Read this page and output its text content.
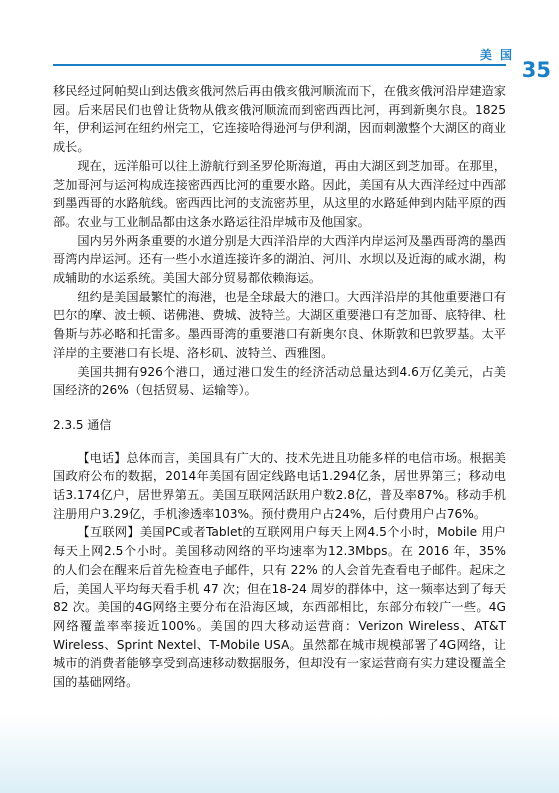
美 国
35

移民经过阿帕契山到达俄亥俄河然后再由俄亥俄河顺流而下，在俄亥俄河沿岸建造家园。后来居民们也曾让货物从俄亥俄河顺流而到密西西比河，再到新奥尔良。1825年，伊利运河在纽约州完工，它连接哈得逊河与伊利湖，因而刺激整个大湖区的商业成长。

现在，远洋船可以往上游航行到圣罗伦斯海道，再由大湖区到芝加哥。在那里，芝加哥河与运河构成连接密西西比河的重要水路。因此，美国有从大西洋经过中西部到墨西哥的水路航线。密西西比河的支流密苏里，从这里的水路延伸到内陆平原的西部。农业与工业制品都由这条水路运往沿岸城市及他国家。

国内另外两条重要的水道分别是大西洋沿岸的大西洋内岸运河及墨西哥湾的墨西哥湾内岸运河。还有一些小水道连接许多的湖泊、河川、水坝以及近海的咸水湖，构成辅助的水运系统。美国大部分贸易都依赖海运。

纽约是美国最繁忙的海港，也是全球最大的港口。大西洋沿岸的其他重要港口有巴尔的摩、波士顿、诺佛港、费城、波特兰。大湖区重要港口有芝加哥、底特律、杜鲁斯与苏必略和托雷多。墨西哥湾的重要港口有新奥尔良、休斯敦和巴敦罗基。太平洋岸的主要港口有长堤、洛杉矶、波特兰、西雅图。

美国共拥有926个港口，通过港口发生的经济活动总量达到4.6万亿美元，占美国经济的26%（包括贸易、运输等）。

2.3.5 通信

【电话】总体而言，美国具有广大的、技术先进且功能多样的电信市场。根据美国政府公布的数据，2014年美国有固定线路电话1.294亿条，居世界第三；移动电话3.174亿户，居世界第五。美国互联网活跃用户数2.8亿，普及率87%。移动手机注册用户3.29亿，手机渗透率103%。预付费用户占24%，后付费用户占76%。

【互联网】美国PC或者Tablet的互联网用户每天上网4.5个小时，Mobile 用户每天上网2.5个小时。美国移动网络的平均速率为12.3Mbps。在 2016 年，35% 的人们会在醒来后首先检查电子邮件，只有 22% 的人会首先查看电子邮件。起床之后，美国人平均每天看手机 47 次；但在18-24 周岁的群体中，这一频率达到了每天 82 次。美国的4G网络主要分布在沿海区域，东西部相比，东部分布较广一些。4G网络覆盖率率接近100%。美国的四大移动运营商：Verizon Wireless、AT&T Wireless、Sprint Nextel、T-Mobile USA。虽然都在城市规模部署了4G网络，让城市的消费者能够享受到高速移动数据服务，但却没有一家运营商有实力建设覆盖全国的基础网络。
